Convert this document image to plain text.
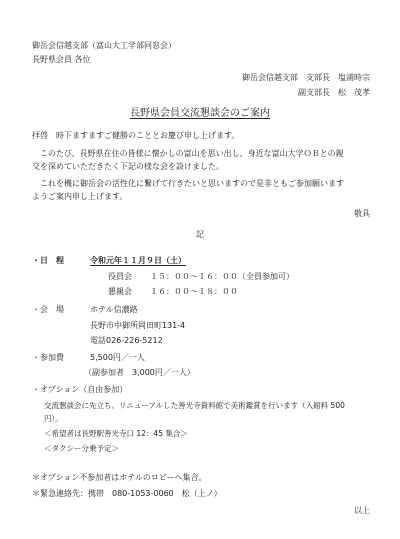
御岳会信越支部（富山大工学部同窓会）
長野県会員 各位
御岳会信越支部　支部長　塩浦時宗
副支部長　松　茂孝
長野県会員交流懇談会のご案内
拝啓　時下ますますご健勝のこととお慶び申し上げます。
このたび、長野県在住の皆様に懐かしの富山を思い出し、身近な富山大学ＯＢとの親
交を深めていただきたく下記の様な会を設けました。
これを機に御岳会の活性化に繋げて行きたいと思いますので是非ともご参加願います
ようご案内申し上げます。
敬具
記
・日　程	令和元年１１月９日（土）
役員会 １５：００〜１６：００（全員参加可）
懇親会 １６：００〜１８：００
・会　場	ホテル信濃路
長野市中御所岡田町131-4
電話026-226-5212
・参加費	5,500円／一人
（副参加者　3,000円／一人）
・オプション（自由参加）
交流懇談会に先立ち、リニューアルした善光寺資料館で美術鑑賞を行います（入館料 500
円）。
＜希望者は長野駅善光寺口 12：45 集合＞
＜タクシー分乗予定＞
＊オプション不参加者はホテルのロビーへ集合。
＊緊急連絡先：携帯　080-1053-0060　松（上ノ）
以上
